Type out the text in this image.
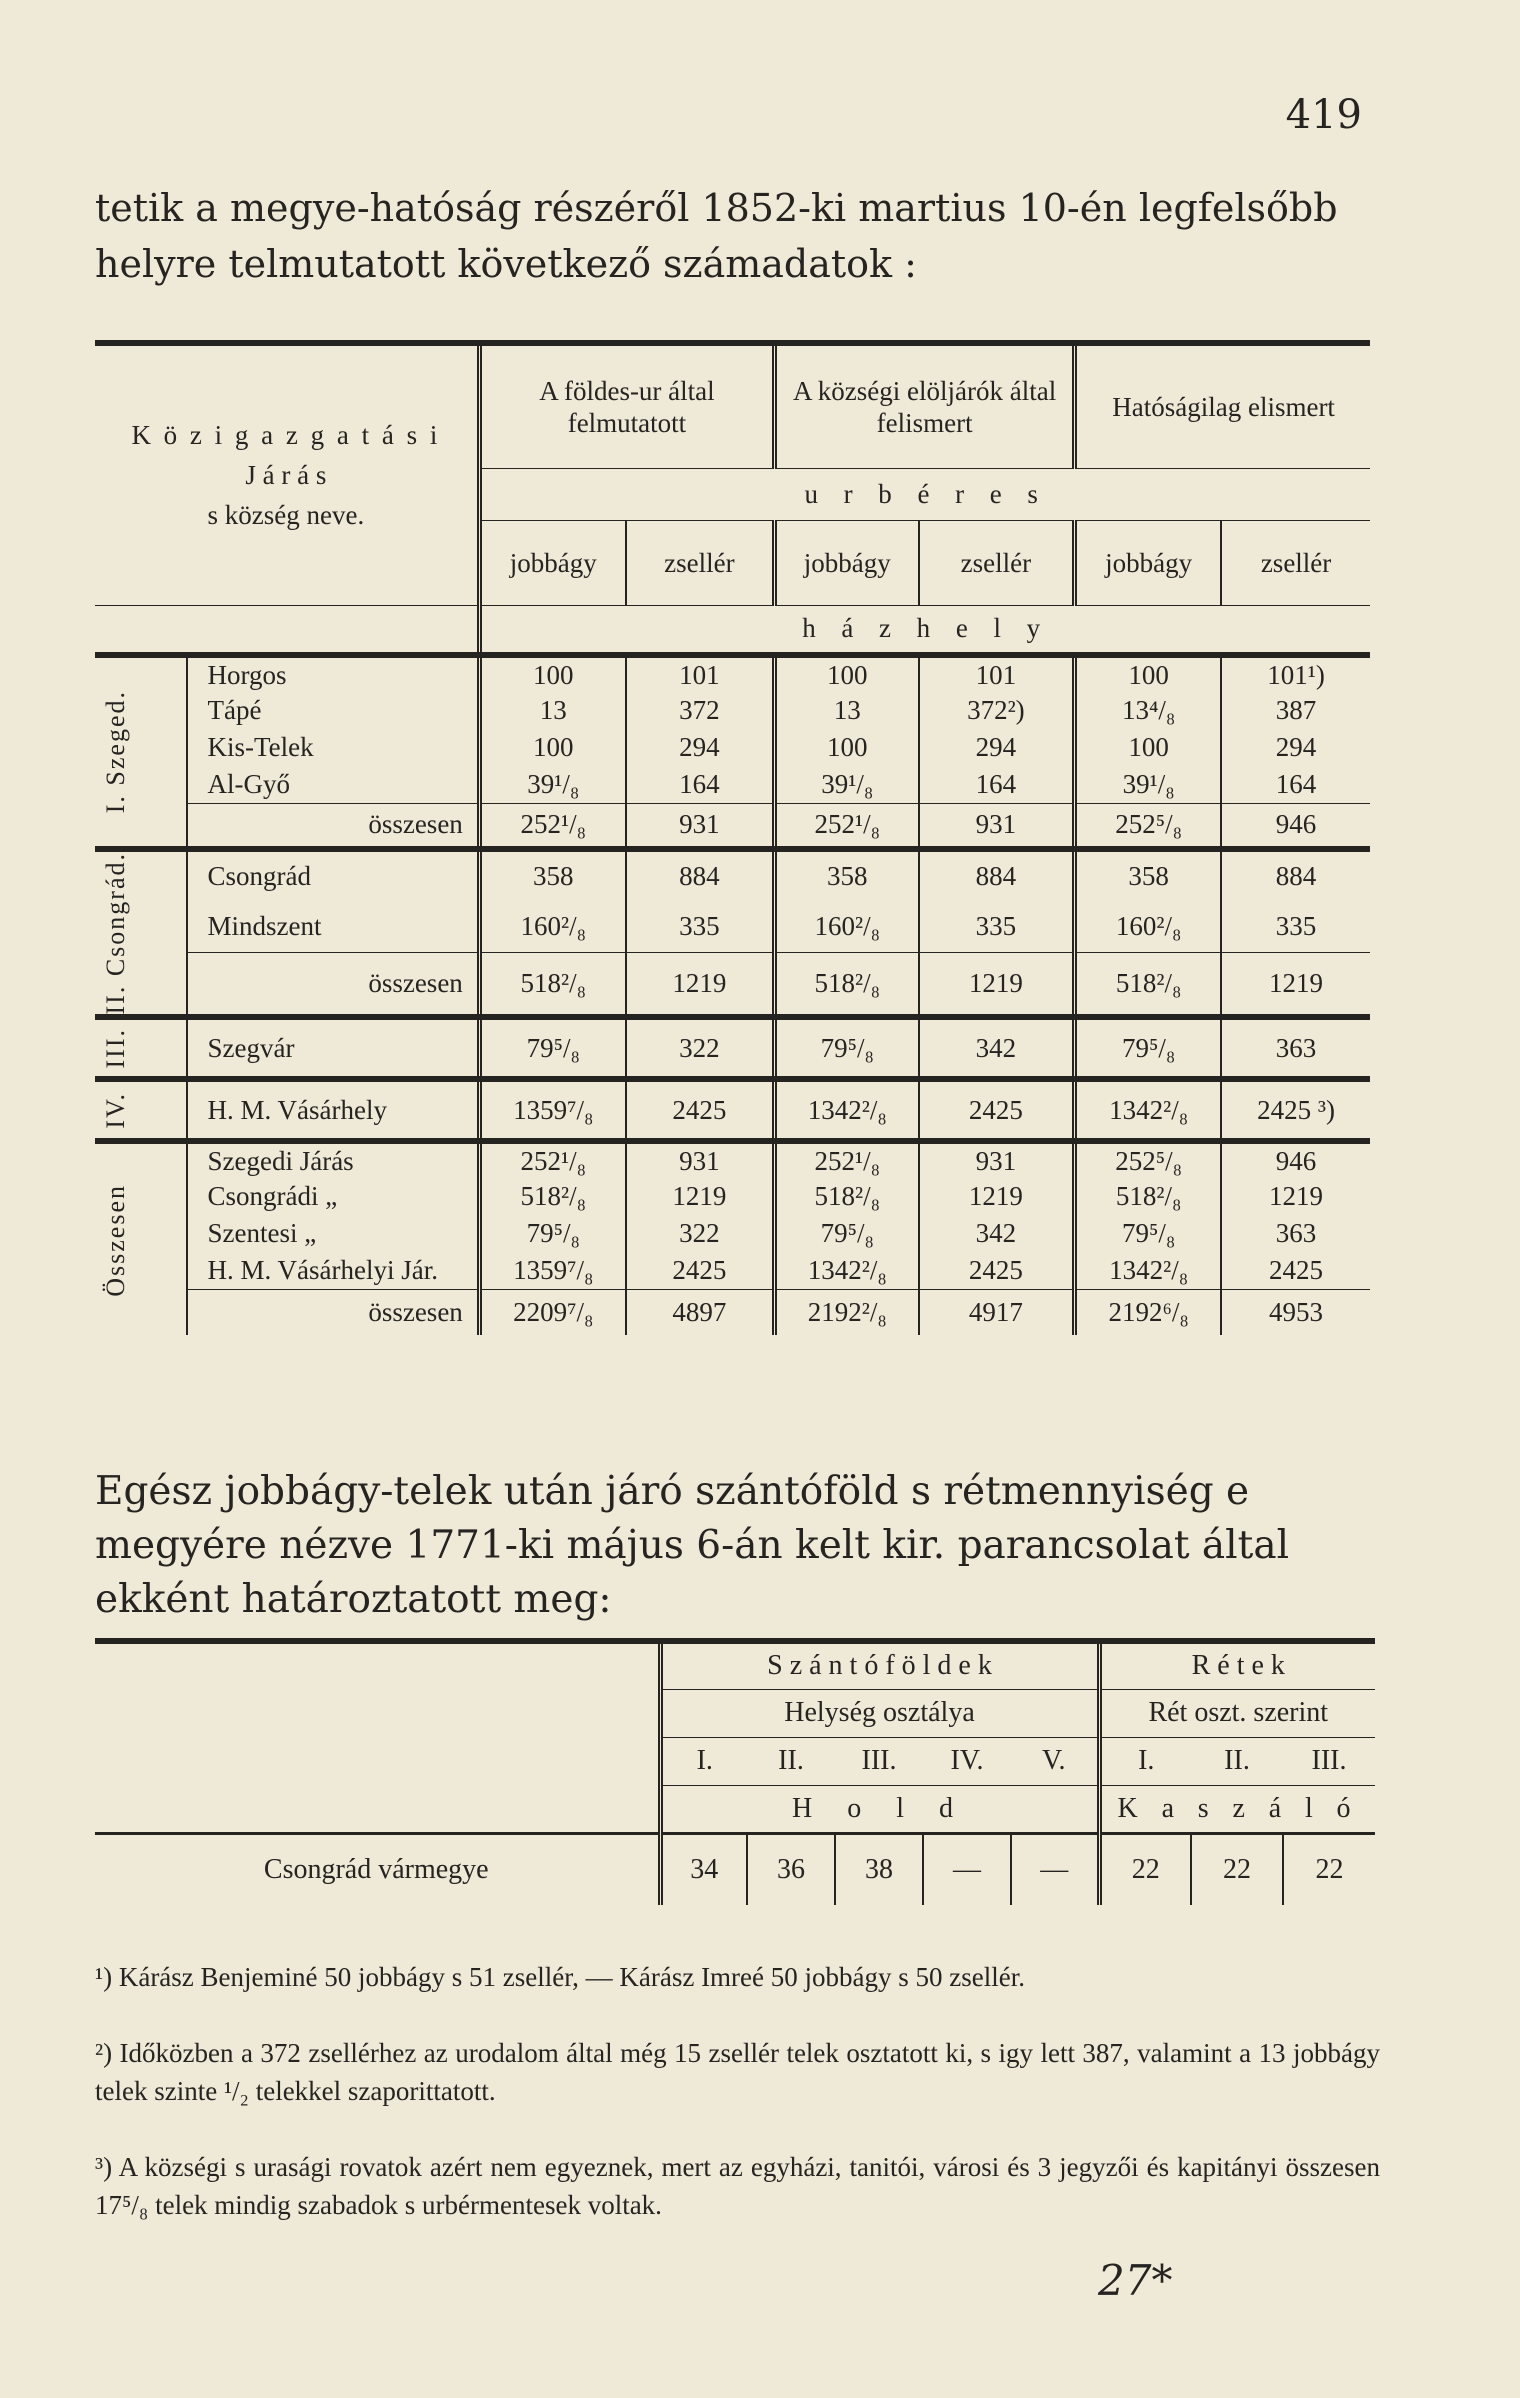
419
tetik a megye-hatóság részéről 1852-ki martius 10-én legfelsőbb helyre telmutatott következő számadatok :
K ö z i g a z g a t á s i
J á r á s
s község neve.		A földes-ur által felmutatott		A községi elöljárók által felismert		Hatóságilag elismert	
		u r b é r e s					
		jobbágy	zsellér	jobbágy	zsellér	jobbágy	zsellér
		h á z h e l y					

I. Szeged.	Horgos	100	101	100	101	100	101¹)
	Tápé	13	372	13	372²)	13⁴/₈	387
	Kis-Telek	100	294	100	294	100	294
	Al-Győ	39¹/₈	164	39¹/₈	164	39¹/₈	164
	összesen	252¹/₈	931	252¹/₈	931	252⁵/₈	946

II. Csongrád.	Csongrád	358	884	358	884	358	884
	Mindszent	160²/₈	335	160²/₈	335	160²/₈	335
	összesen	518²/₈	1219	518²/₈	1219	518²/₈	1219

III.	Szegvár	79⁵/₈	322	79⁵/₈	342	79⁵/₈	363

IV.	H. M. Vásárhely	1359⁷/₈	2425	1342²/₈	2425	1342²/₈	2425 ³)

Összesen	Szegedi Járás	252¹/₈	931	252¹/₈	931	252⁵/₈	946
	Csongrádi „	518²/₈	1219	518²/₈	1219	518²/₈	1219
	Szentesi „	79⁵/₈	322	79⁵/₈	342	79⁵/₈	363
	H. M. Vásárhelyi Jár.	1359⁷/₈	2425	1342²/₈	2425	1342²/₈	2425
	összesen	2209⁷/₈	4897	2192²/₈	4917	2192⁶/₈	4953

Egész jobbágy-telek után járó szántóföld s rétmennyiség e megyére nézve 1771-ki május 6-án kelt kir. parancsolat által ekként határoztatott meg:
	S z á n t ó f ö l d e k					R é t e k		
	Helység osztálya					Rét oszt. szerint		
	I.	II.	III.	IV.	V.	I.	II.	III.
	H o l d					K a s z á l ó		
Csongrád vármegye	34	36	38	—	—	22	22	22
¹) Kárász Benjeminé 50 jobbágy s 51 zsellér, — Kárász Imreé 50 jobbágy s 50 zsellér.
²) Időközben a 372 zsellérhez az urodalom által még 15 zsellér telek osztatott ki, s igy lett 387, valamint a 13 jobbágy telek szinte ¹/₂ telekkel szaporittatott.
³) A községi s urasági rovatok azért nem egyeznek, mert az egyházi, tanitói, városi és 3 jegyzői és kapitányi összesen 17⁵/₈ telek mindig szabadok s urbérmentesek voltak.
27*
